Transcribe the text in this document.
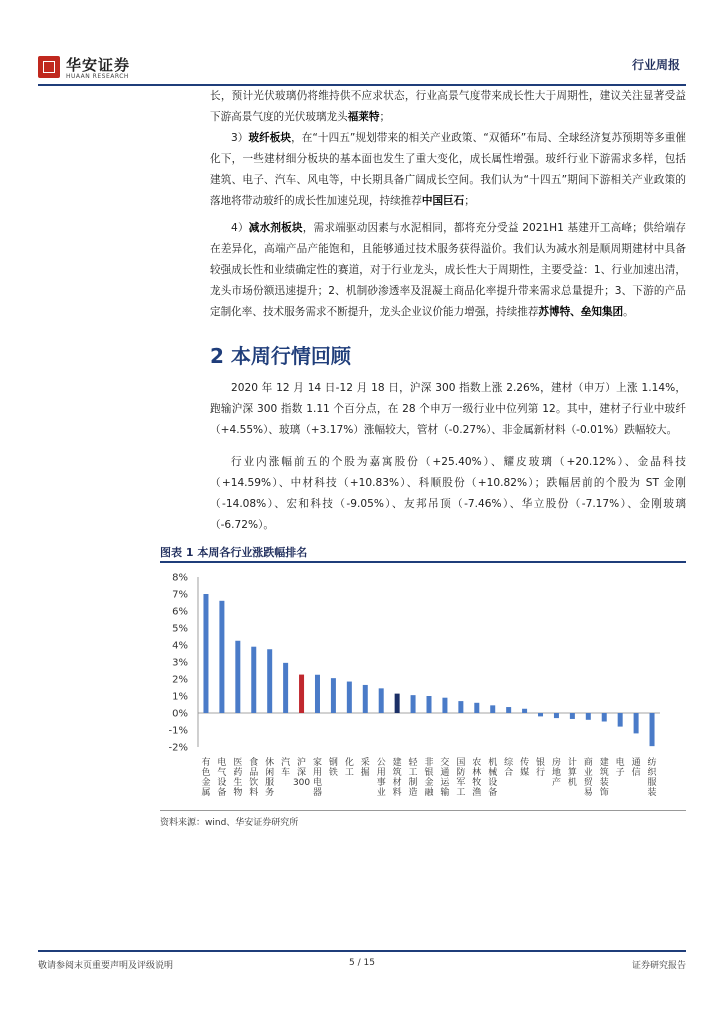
华安证券
HUAAN RESEARCH
行业周报

长，预计光伏玻璃仍将维持供不应求状态，行业高景气度带来成长性大于周期性，建议关注显著受益下游高景气度的光伏玻璃龙头福莱特；

3）玻纤板块，在“十四五”规划带来的相关产业政策、“双循环”布局、全球经济复苏预期等多重催化下，一些建材细分板块的基本面也发生了重大变化，成长属性增强。玻纤行业下游需求多样，包括建筑、电子、汽车、风电等，中长期具备广阔成长空间。我们认为“十四五”期间下游相关产业政策的落地将带动玻纤的成长性加速兑现，持续推荐中国巨石；

4）减水剂板块，需求端驱动因素与水泥相同，都将充分受益 2021H1 基建开工高峰；供给端存在差异化，高端产品产能饱和，且能够通过技术服务获得溢价。我们认为减水剂是顺周期建材中具备较强成长性和业绩确定性的赛道，对于行业龙头，成长性大于周期性，主要受益：1、行业加速出清，龙头市场份额迅速提升；2、机制砂渗透率及混凝土商品化率提升带来需求总量提升；3、下游的产品定制化率、技术服务需求不断提升，龙头企业议价能力增强，持续推荐苏博特、垒知集团。

2 本周行情回顾

2020 年 12 月 14 日-12 月 18 日，沪深 300 指数上涨 2.26%，建材（申万）上涨 1.14%，跑输沪深 300 指数 1.11 个百分点，在 28 个申万一级行业中位列第 12。其中，建材子行业中玻纤（+4.55%）、玻璃（+3.17%）涨幅较大，管材（-0.27%）、非金属新材料（-0.01%）跌幅较大。

行业内涨幅前五的个股为嘉寓股份（+25.40%）、耀皮玻璃（+20.12%）、金晶科技（+14.59%）、中材科技（+10.83%）、科顺股份（+10.82%）；跌幅居前的个股为 ST 金刚（-14.08%）、宏和科技（-9.05%）、友邦吊顶（-7.46%）、华立股份（-7.17%）、金刚玻璃（-6.72%）。

图表 1 本周各行业涨跌幅排名
8%
7%
6%
5%
4%
3%
2%
1%
0%
-1%
-2%
有色金属
电气设备
医药生物
食品饮料
休闲服务
汽车
沪深 300
家用电器
钢铁
化工
采掘
公用事业
建筑材料
轻工制造
非银金融
交通运输
国防军工
农林牧渔
机械设备
综合
传媒
银行
房地产
计算机
商业贸易
建筑装饰
电子
通信
纺织服装
资料来源：wind、华安证券研究所
敬请参阅末页重要声明及评级说明	5 / 15	证券研究报告
